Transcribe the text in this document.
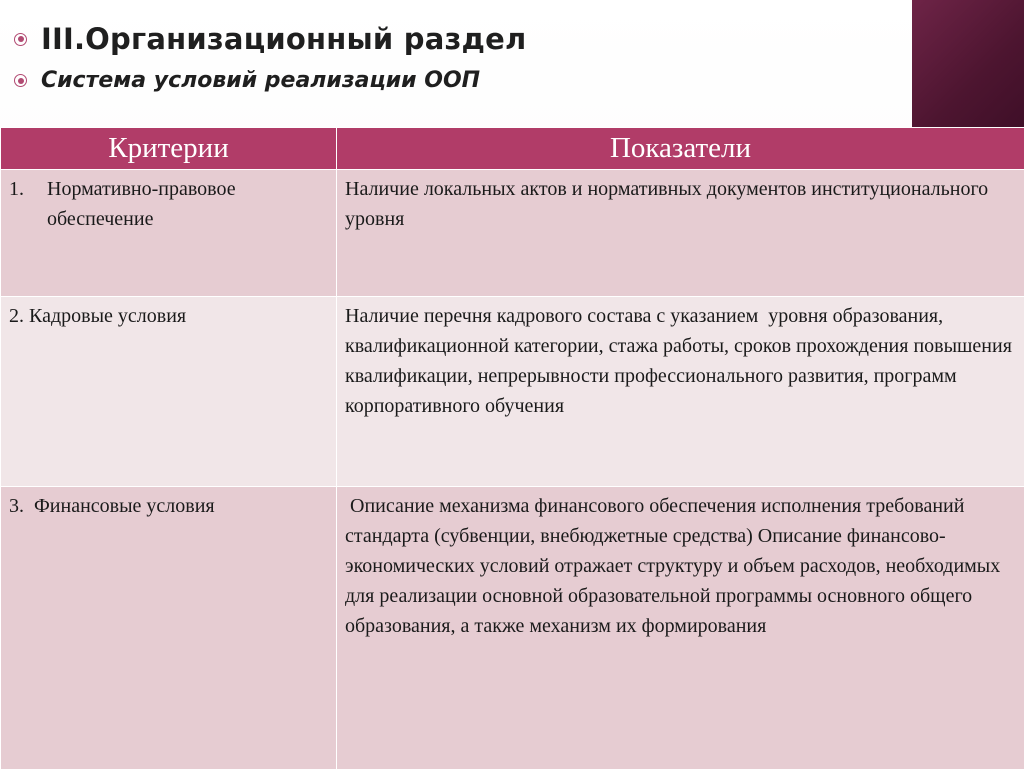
III.Организационный раздел
Система условий реализации ООП
Критерии	Показатели

1. Нормативно-правовое обеспечение	Наличие локальных актов и нормативных документов институционального уровня
2. Кадровые условия	Наличие перечня кадрового состава с указанием  уровня образования, квалификационной категории, стажа работы, сроков прохождения повышения квалификации, непрерывности профессионального развития, программ корпоративного обучения
3.  Финансовые условия	Описание механизма финансового обеспечения исполнения требований стандарта (субвенции, внебюджетные средства) Описание финансово-экономических условий отражает структуру и объем расходов, необходимых для реализации основной образовательной программы основного общего образования, а также механизм их формирования
